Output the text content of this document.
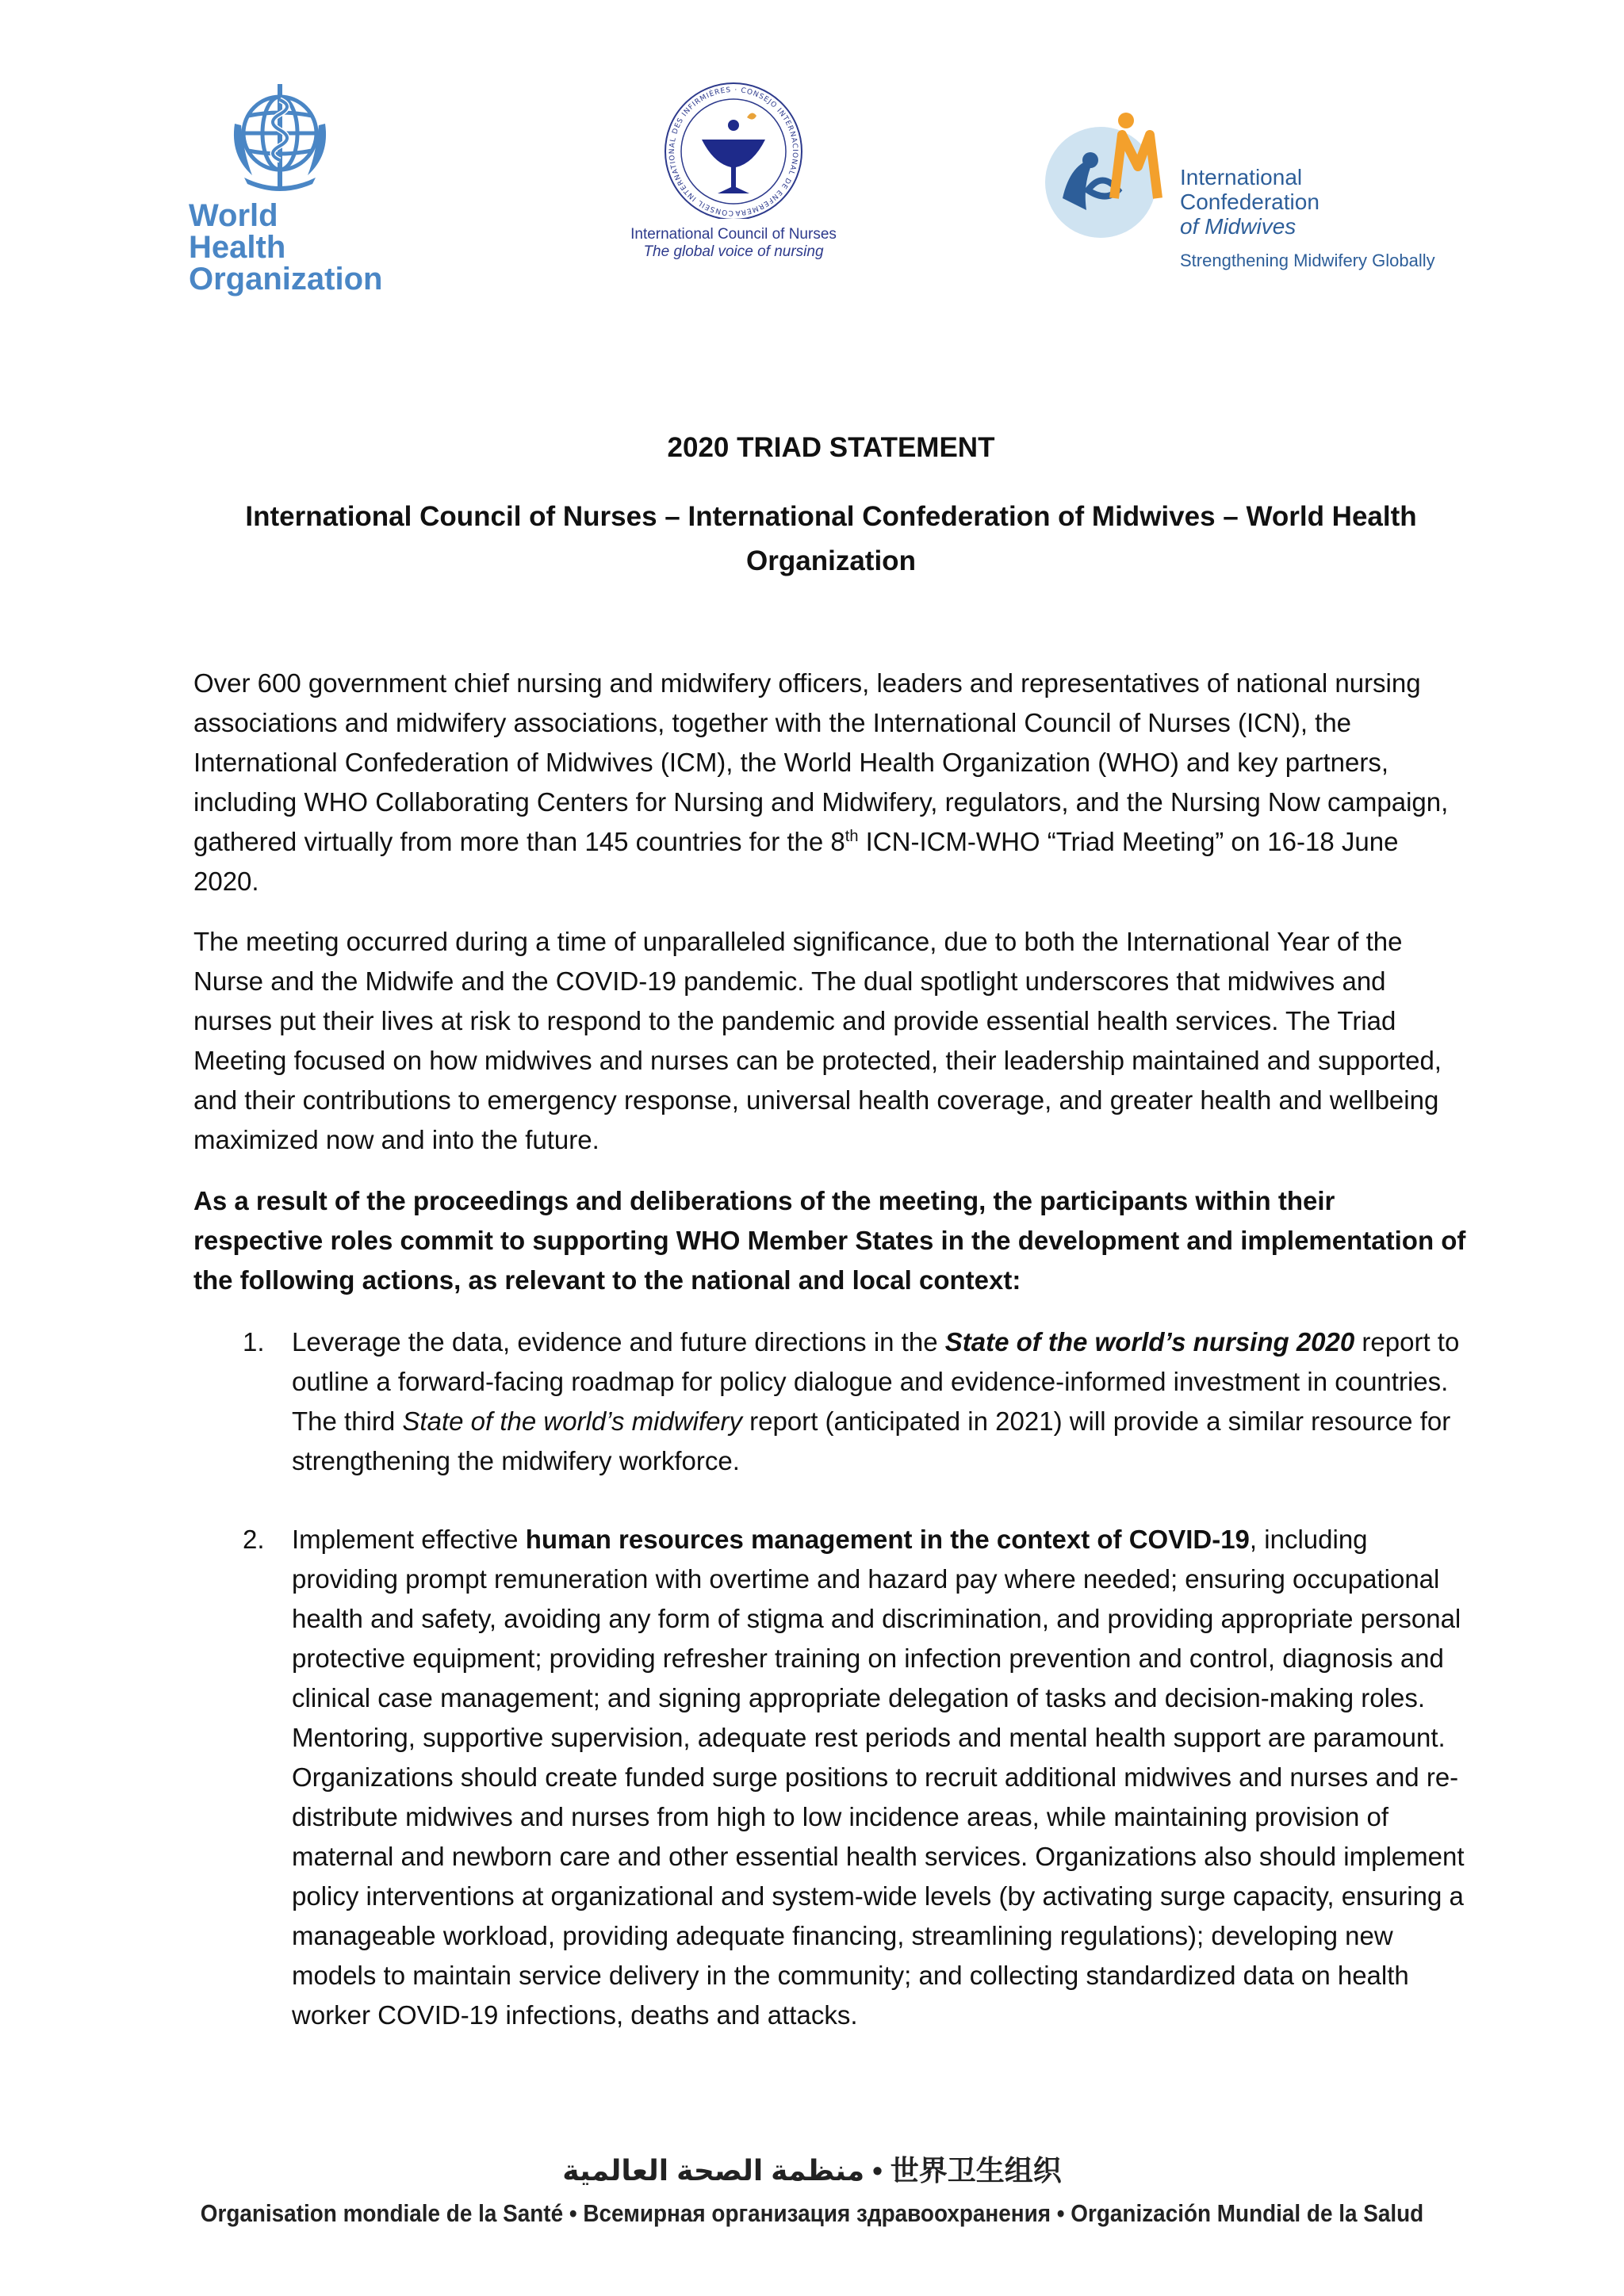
World Health
Organization
CONSEIL INTERNATIONAL DES INFIRMIÈRES · CONSEJO INTERNACIONAL DE ENFERMERA
International Council of Nurses
The global voice of nursing
International
Confederation
of Midwives
Strengthening Midwifery Globally
2020 TRIAD STATEMENT
International Council of Nurses – International Confederation of Midwives – World Health Organization

Over 600 government chief nursing and midwifery officers, leaders and representatives of national nursing associations and midwifery associations, together with the International Council of Nurses (ICN), the International Confederation of Midwives (ICM), the World Health Organization (WHO) and key partners, including WHO Collaborating Centers for Nursing and Midwifery, regulators, and the Nursing Now campaign, gathered virtually from more than 145 countries for the 8th ICN-ICM-WHO “Triad Meeting” on 16-18 June 2020.

The meeting occurred during a time of unparalleled significance, due to both the International Year of the Nurse and the Midwife and the COVID-19 pandemic. The dual spotlight underscores that midwives and nurses put their lives at risk to respond to the pandemic and provide essential health services. The Triad Meeting focused on how midwives and nurses can be protected, their leadership maintained and supported, and their contributions to emergency response, universal health coverage, and greater health and wellbeing maximized now and into the future.

As a result of the proceedings and deliberations of the meeting, the participants within their respective roles commit to supporting WHO Member States in the development and implementation of the following actions, as relevant to the national and local context:

1. Leverage the data, evidence and future directions in the State of the world’s nursing 2020 report to outline a forward-facing roadmap for policy dialogue and evidence-informed investment in countries. The third State of the world’s midwifery report (anticipated in 2021) will provide a similar resource for strengthening the midwifery workforce.
2. Implement effective human resources management in the context of COVID-19, including providing prompt remuneration with overtime and hazard pay where needed; ensuring occupational health and safety, avoiding any form of stigma and discrimination, and providing appropriate personal protective equipment; providing refresher training on infection prevention and control, diagnosis and clinical case management; and signing appropriate delegation of tasks and decision-making roles. Mentoring, supportive supervision, adequate rest periods and mental health support are paramount. Organizations should create funded surge positions to recruit additional midwives and nurses and re-distribute midwives and nurses from high to low incidence areas, while maintaining provision of maternal and newborn care and other essential health services. Organizations also should implement policy interventions at organizational and system-wide levels (by activating surge capacity, ensuring a manageable workload, providing adequate financing, streamlining regulations); developing new models to maintain service delivery in the community; and collecting standardized data on health worker COVID-19 infections, deaths and attacks.
منظمة الصحة العالمية • 世界卫生组织
Organisation mondiale de la Santé • Всемирная организация здравоохранения • Organización Mundial de la Salud
